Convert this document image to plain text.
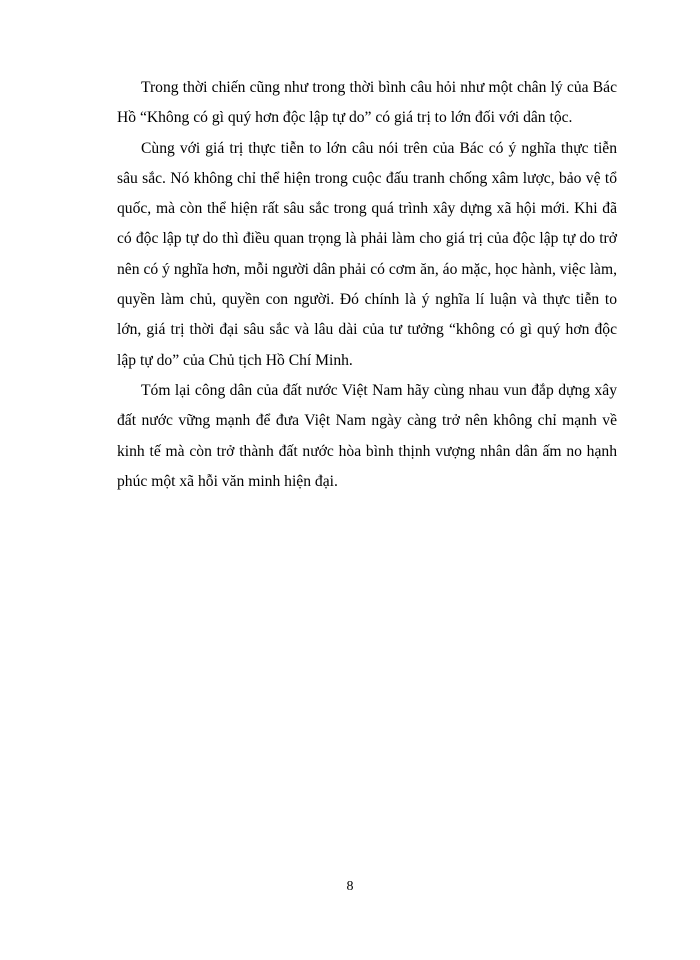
Trong thời chiến cũng như trong thời bình câu hỏi như một chân lý của Bác Hồ “Không có gì quý hơn độc lập tự do” có giá trị to lớn đối với dân tộc.

Cùng với giá trị thực tiễn to lớn câu nói trên của Bác có ý nghĩa thực tiễn sâu sắc. Nó không chỉ thể hiện trong cuộc đấu tranh chống xâm lược, bảo vệ tổ quốc, mà còn thể hiện rất sâu sắc trong quá trình xây dựng xã hội mới. Khi đã có độc lập tự do thì điều quan trọng là phải làm cho giá trị của độc lập tự do trở nên có ý nghĩa hơn, mỗi người dân phải có cơm ăn, áo mặc, học hành, việc làm, quyền làm chủ, quyền con người. Đó chính là ý nghĩa lí luận và thực tiễn to lớn, giá trị thời đại sâu sắc và lâu dài của tư tưởng “không có gì quý hơn độc lập tự do” của Chủ tịch Hồ Chí Minh.

Tóm lại công dân của đất nước Việt Nam hãy cùng nhau vun đắp dựng xây đất nước vững mạnh để đưa Việt Nam ngày càng trở nên không chỉ mạnh về kinh tế mà còn trở thành đất nước hòa bình thịnh vượng nhân dân ấm no hạnh phúc một xã hỗi văn minh hiện đại.

8
